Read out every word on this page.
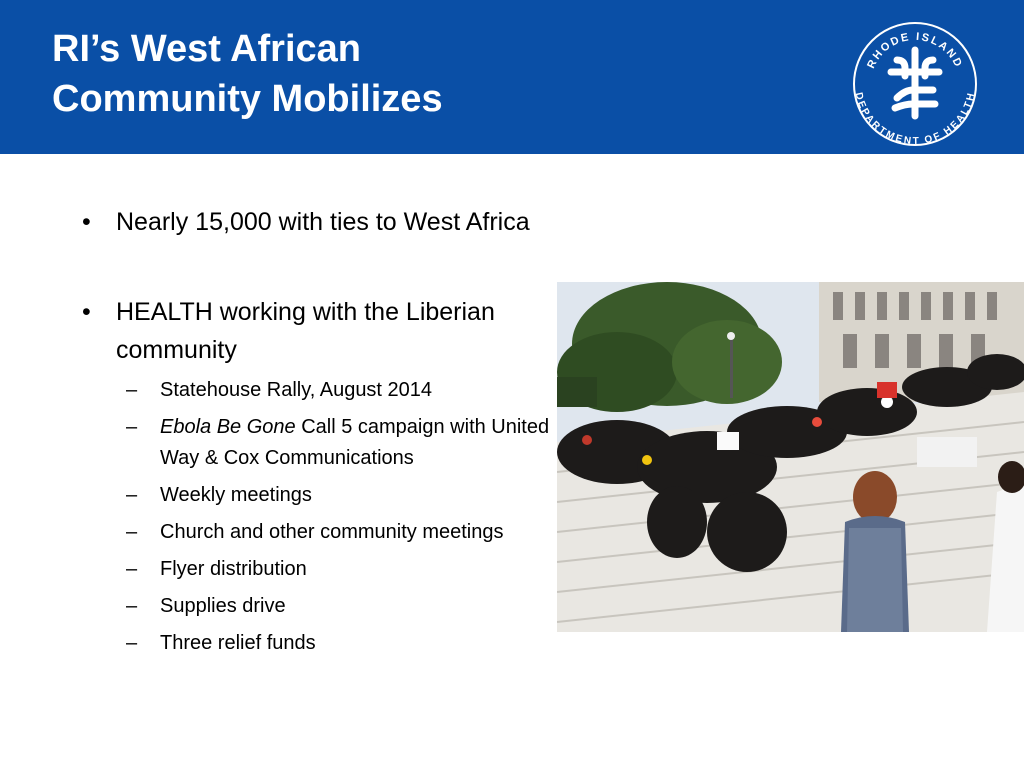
RI’s West African
Community Mobilizes
RHODE ISLAND
DEPARTMENT OF HEALTH
• Nearly 15,000 with ties to West Africa
• HEALTH working with the Liberian community
– Statehouse Rally, August 2014
– Ebola Be Gone Call 5 campaign with United Way & Cox Communications
– Weekly meetings
– Church and other community meetings
– Flyer distribution
– Supplies drive
– Three relief funds
